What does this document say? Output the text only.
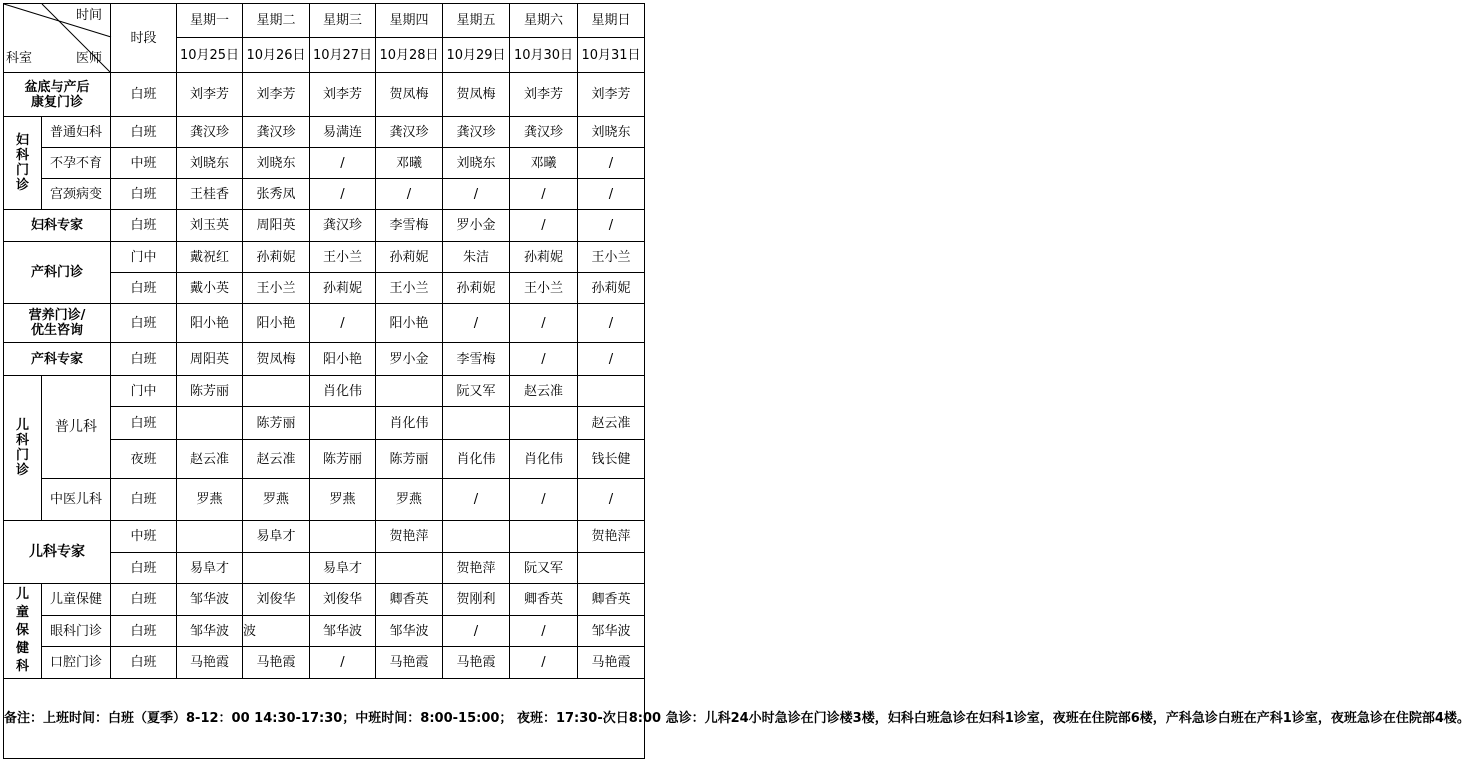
时间
科室 医师		时段	星期一	星期二	星期三	星期四	星期五	星期六	星期日
			10月25日	10月26日	10月27日	10月28日	10月29日	10月30日	10月31日

盆底与产后
康复门诊		白班	刘李芳	刘李芳	刘李芳	贺凤梅	贺凤梅	刘李芳	刘李芳

妇
科
门
诊	普通妇科	白班	龚汉珍	龚汉珍	易满连	龚汉珍	龚汉珍	龚汉珍	刘晓东
	不孕不育	中班	刘晓东	刘晓东	/	邓曦	刘晓东	邓曦	/
	宫颈病变	白班	王桂香	张秀凤	/	/	/	/	/
妇科专家		白班	刘玉英	周阳英	龚汉珍	李雪梅	罗小金	/	/
产科门诊		门中	戴祝红	孙莉妮	王小兰	孙莉妮	朱洁	孙莉妮	王小兰
		白班	戴小英	王小兰	孙莉妮	王小兰	孙莉妮	王小兰	孙莉妮

营养门诊/
优生咨询		白班	阳小艳	阳小艳	/	阳小艳	/	/	/
产科专家		白班	周阳英	贺凤梅	阳小艳	罗小金	李雪梅	/	/

儿
科
门
诊	普儿科	门中	陈芳丽		肖化伟		阮又军	赵云准	
		白班		陈芳丽		肖化伟			赵云准
		夜班	赵云准	赵云准	陈芳丽	陈芳丽	肖化伟	肖化伟	钱长健
	中医儿科	白班	罗燕	罗燕	罗燕	罗燕	/	/	/
儿科专家		中班		易阜才		贺艳萍			贺艳萍
		白班	易阜才		易阜才		贺艳萍	阮又军	

儿
童
保
健
科	儿童保健	白班	邹华波	刘俊华	刘俊华	卿香英	贺刚利	卿香英	卿香英
	眼科门诊	白班	邹华波	波	邹华波	邹华波	/	/	邹华波
	口腔门诊	白班	马艳霞	马艳霞	/	马艳霞	马艳霞	/	马艳霞
备注：上班时间：白班（夏季）8-12：00 14:30-17:30；中班时间：8:00-15:00； 夜班：17:30-次日8:00 急诊：儿科24小时急诊在门诊楼3楼，妇科白班急诊在妇科1诊室，夜班在住院部6楼，产科急诊白班在产科1诊室，夜班急诊在住院部4楼。									
